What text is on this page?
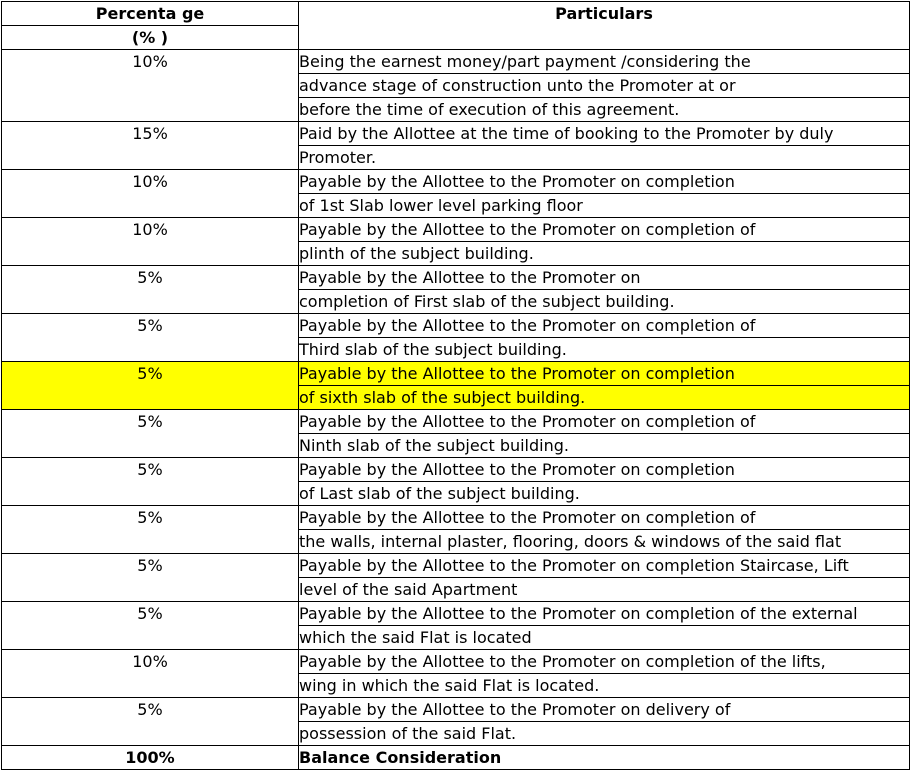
Percenta ge	Particulars
(% )	
10%	Being the earnest money/part payment /considering the
	advance stage of construction unto the Promoter at or
	before the time of execution of this agreement.
15%	Paid by the Allottee at the time of booking to the Promoter by duly
	Promoter.
10%	Payable by the Allottee to the Promoter on completion
	of 1st Slab lower level parking floor
10%	Payable by the Allottee to the Promoter on completion of
	plinth of the subject building.
5%	Payable by the Allottee to the Promoter on
	completion of First slab of the subject building.
5%	Payable by the Allottee to the Promoter on completion of
	Third slab of the subject building.
5%	Payable by the Allottee to the Promoter on completion
	of sixth slab of the subject building.
5%	Payable by the Allottee to the Promoter on completion of
	Ninth slab of the subject building.
5%	Payable by the Allottee to the Promoter on completion
	of Last slab of the subject building.
5%	Payable by the Allottee to the Promoter on completion of
	the walls, internal plaster, flooring, doors & windows of the said flat
5%	Payable by the Allottee to the Promoter on completion Staircase, Lift
	level of the said Apartment
5%	Payable by the Allottee to the Promoter on completion of the external
	which the said Flat is located
10%	Payable by the Allottee to the Promoter on completion of the lifts,
	wing in which the said Flat is located.
5%	Payable by the Allottee to the Promoter on delivery of
	possession of the said Flat.
100%	Balance Consideration
